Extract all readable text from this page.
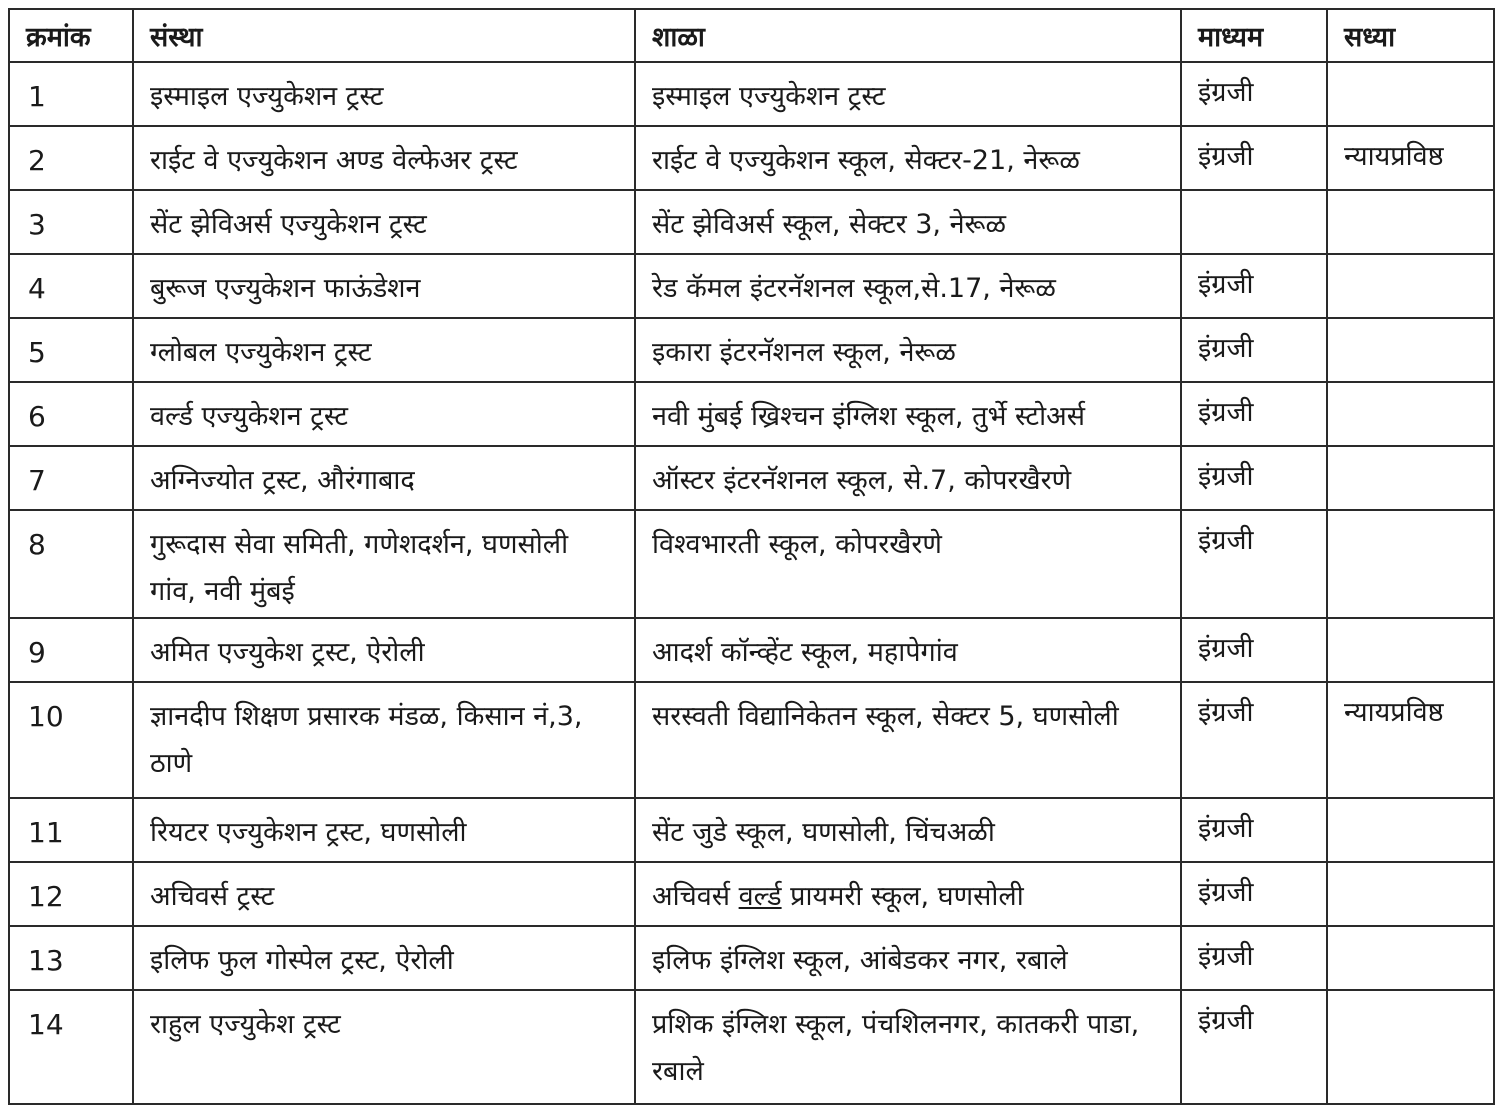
क्रमांक	संस्था	शाळा	माध्यम	सध्या
1	इस्माइल एज्युकेशन ट्रस्ट	इस्माइल एज्युकेशन ट्रस्ट	इंग्रजी	
2	राईट वे एज्युकेशन अण्ड वेल्फेअर ट्रस्ट	राईट वे एज्युकेशन स्कूल, सेक्टर-21, नेरूळ	इंग्रजी	न्यायप्रविष्ठ
3	सेंट झेविअर्स एज्युकेशन ट्रस्ट	सेंट झेविअर्स स्कूल, सेक्टर 3, नेरूळ		
4	बुरूज एज्युकेशन फाऊंडेशन	रेड कॅमल इंटरनॅशनल स्कूल,से.17, नेरूळ	इंग्रजी	
5	ग्लोबल एज्युकेशन ट्रस्ट	इकारा इंटरनॅशनल स्कूल, नेरूळ	इंग्रजी	
6	वर्ल्ड एज्युकेशन ट्रस्ट	नवी मुंबई ख्रिश्चन इंग्लिश स्कूल, तुर्भे स्टोअर्स	इंग्रजी	
7	अग्निज्योत ट्रस्ट, औरंगाबाद	ऑस्टर इंटरनॅशनल स्कूल, से.7, कोपरखैरणे	इंग्रजी	
8	गुरूदास सेवा समिती, गणेशदर्शन, घणसोली गांव, नवी मुंबई	विश्वभारती स्कूल, कोपरखैरणे	इंग्रजी	
9	अमित एज्युकेश ट्रस्ट, ऐरोली	आदर्श कॉन्व्हेंट स्कूल, महापेगांव	इंग्रजी	
10	ज्ञानदीप शिक्षण प्रसारक मंडळ, किसान नं,3, ठाणे	सरस्वती विद्यानिकेतन स्कूल, सेक्टर 5, घणसोली	इंग्रजी	न्यायप्रविष्ठ
11	रियटर एज्युकेशन ट्रस्ट, घणसोली	सेंट जुडे स्कूल, घणसोली, चिंचअळी	इंग्रजी	
12	अचिवर्स ट्रस्ट	अचिवर्स वर्ल्ड प्रायमरी स्कूल, घणसोली	इंग्रजी	
13	इलिफ फुल गोस्पेल ट्रस्ट, ऐरोली	इलिफ इंग्लिश स्कूल, आंबेडकर नगर, रबाले	इंग्रजी	
14	राहुल एज्युकेश ट्रस्ट	प्रशिक इंग्लिश स्कूल, पंचशिलनगर, कातकरी पाडा, रबाले	इंग्रजी	
